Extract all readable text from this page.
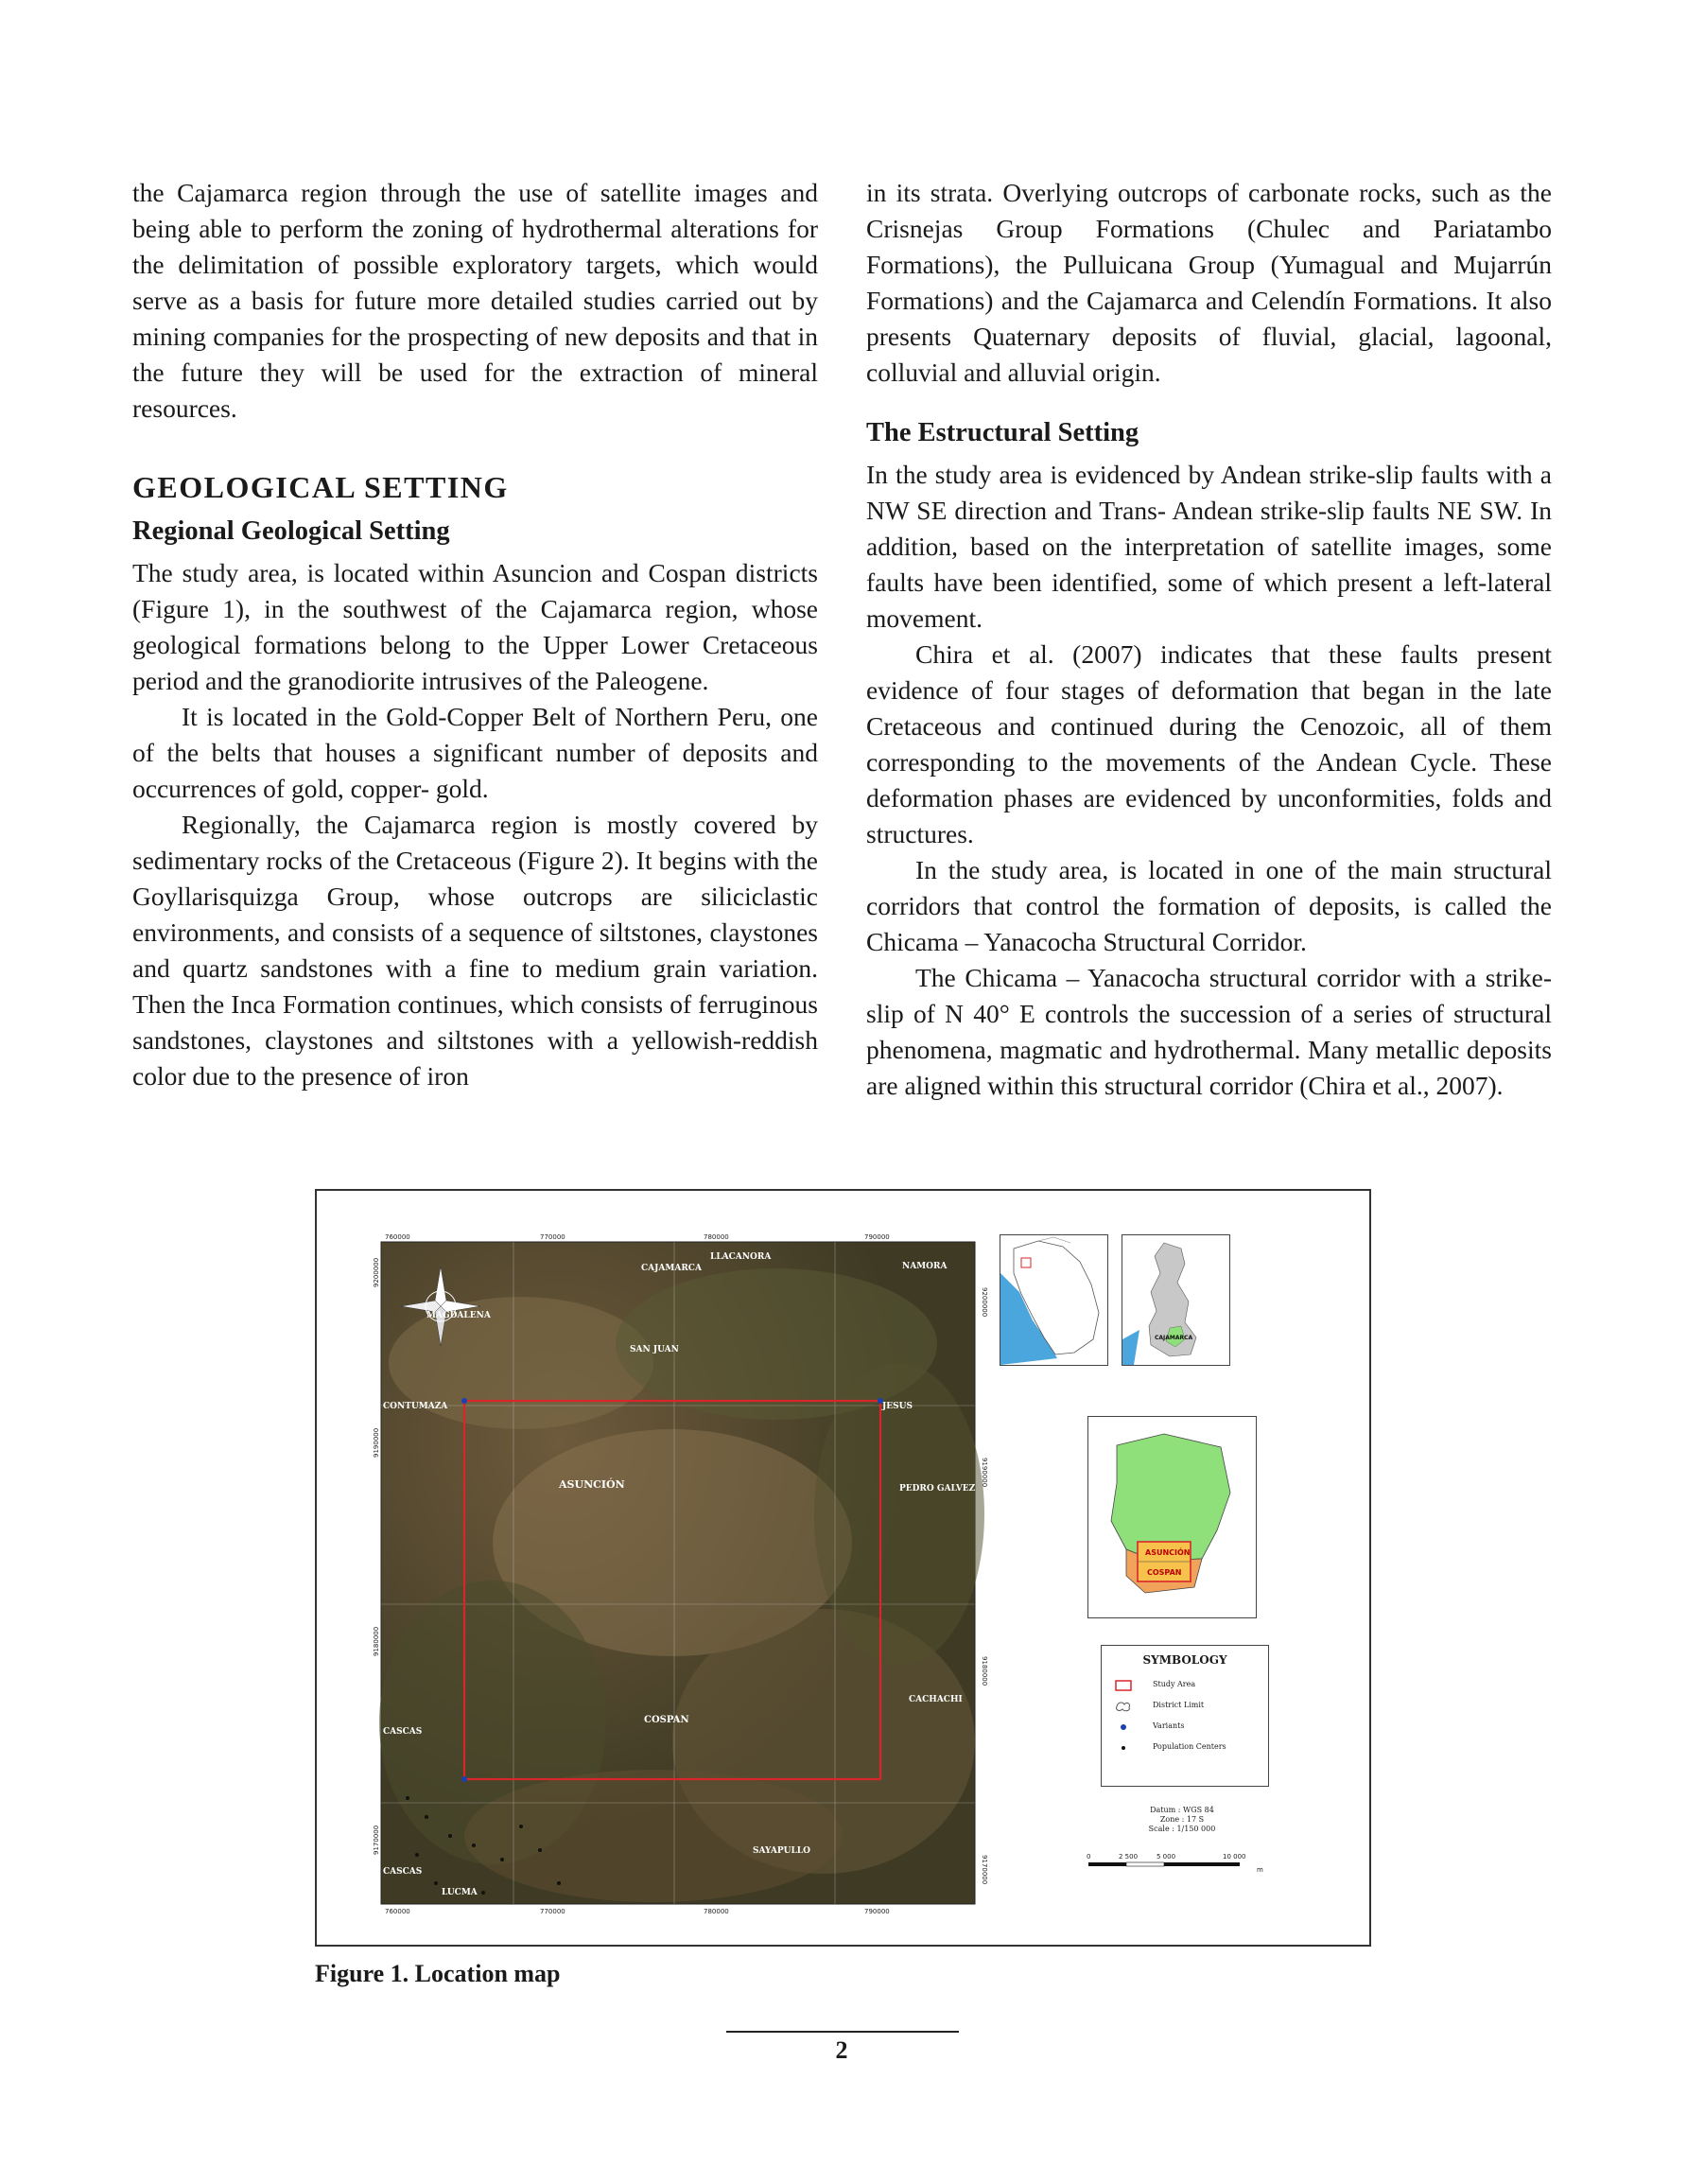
the Cajamarca region through the use of satellite images and being able to perform the zoning of hydrothermal alterations for the delimitation of possible exploratory targets, which would serve as a basis for future more detailed studies carried out by mining companies for the prospecting of new deposits and that in the future they will be used for the extraction of mineral resources.

GEOLOGICAL SETTING
Regional Geological Setting

The study area, is located within Asuncion and Cospan districts (Figure 1), in the southwest of the Cajamarca region, whose geological formations belong to the Upper Lower Cretaceous period and the granodiorite intrusives of the Paleogene.

It is located in the Gold-Copper Belt of Northern Peru, one of the belts that houses a significant number of deposits and occurrences of gold, copper- gold.

Regionally, the Cajamarca region is mostly covered by sedimentary rocks of the Cretaceous (Figure 2). It begins with the Goyllarisquizga Group, whose outcrops are siliciclastic environments, and consists of a sequence of siltstones, claystones and quartz sandstones with a fine to medium grain variation. Then the Inca Formation continues, which consists of ferruginous sandstones, claystones and siltstones with a yellowish-reddish color due to the presence of iron

in its strata. Overlying outcrops of carbonate rocks, such as the Crisnejas Group Formations (Chulec and Pariatambo Formations), the Pulluicana Group (Yumagual and Mujarrún Formations) and the Cajamarca and Celendín Formations. It also presents Quaternary deposits of fluvial, glacial, lagoonal, colluvial and alluvial origin.

The Estructural Setting

In the study area is evidenced by Andean strike-slip faults with a NW SE direction and Trans- Andean strike-slip faults NE SW. In addition, based on the interpretation of satellite images, some faults have been identified, some of which present a left-lateral movement.

Chira et al. (2007) indicates that these faults present evidence of four stages of deformation that began in the late Cretaceous and continued during the Cenozoic, all of them corresponding to the movements of the Andean Cycle. These deformation phases are evidenced by unconformities, folds and structures.

In the study area, is located in one of the main structural corridors that control the formation of deposits, is called the Chicama – Yanacocha Structural Corridor.

The Chicama – Yanacocha structural corridor with a strike-slip of N 40° E controls the succession of a series of structural phenomena, magmatic and hydrothermal. Many metallic deposits are aligned within this structural corridor (Chira et al., 2007).

CAJAMARCA
LLACANORA
NAMORA
MAGDALENA
SAN JUAN
CONTUMAZA	JESUS
ASUNCIÓN	PEDRO GALVEZ
COSPAN
CACHACHI
CASCAS
CASCAS
SAYAPULLO
LUCMA
760000	770000	780000	790000
760000	770000	780000	790000
9200000
9190000
9180000
9170000
9200000
9190000
9180000
9170000
CAJAMARCA
ASUNCIÓN
COSPAN
SYMBOLOGY
Study Area
District Limit
Variants
Population Centers
Datum : WGS 84
Zone : 17 S
Scale : 1/150 000
0	2 500	5 000	10 000
m
Figure 1. Location map
2
